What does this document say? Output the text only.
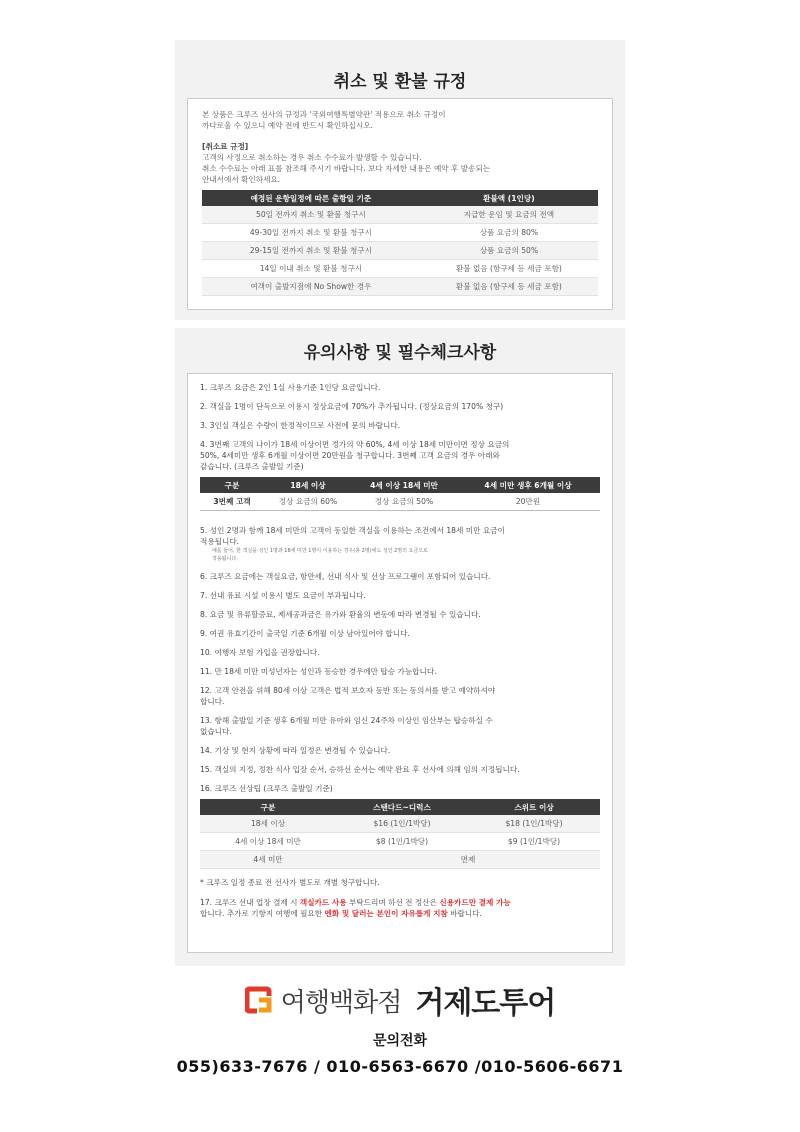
취소 및 환불 규정
본 상품은 크루즈 선사의 규정과 '국외여행특별약관' 적용으로 취소 규정이
까다로울 수 있으니 예약 전에 반드시 확인하십시오.
[취소료 규정]
고객의 사정으로 취소하는 경우 취소 수수료가 발생할 수 있습니다.
취소 수수료는 아래 표를 참조해 주시기 바랍니다. 보다 자세한 내용은 예약 후 발송되는
안내서에서 확인하세요.
예정된 운항일정에 따른 출항일 기준	환불액 (1인당)
50일 전까지 취소 및 환불 청구시	지급한 운임 및 요금의 전액
49-30일 전까지 취소 및 환불 청구시	상품 요금의 80%
29-15일 전까지 취소 및 환불 청구시	상품 요금의 50%
14일 이내 취소 및 환불 청구시	환불 없음 (항구세 등 세금 포함)
여객이 출발지점에 No Show한 경우	환불 없음 (항구세 등 세금 포함)
유의사항 및 필수체크사항
1. 크루즈 요금은 2인 1실 사용기준 1인당 요금입니다.
2. 객실을 1명이 단독으로 이용시 정상요금에 70%가 추가됩니다. (정상요금의 170% 청구)
3. 3인실 객실은 수량이 한정적이므로 사전에 문의 바랍니다.
4. 3번째 고객의 나이가 18세 이상이면 정가의 약 60%, 4세 이상 18세 미만이면 정상 요금의
50%, 4세미만 생후 6개월 이상이면 20만원을 청구합니다. 3번째 고객 요금의 경우 아래와
같습니다. (크루즈 출발일 기준)
구분	18세 이상	4세 이상 18세 미만	4세 미만 생후 6개월 이상
3번째 고객	정상 요금의 60%	정상 요금의 50%	20만원
5. 성인 2명과 함께 18세 미만의 고객이 동일한 객실을 이용하는 조건에서 18세 미만 요금이
적용됩니다.
예를 들어, 한 객실을 성인 1명과 18세 미만 1명이 이용하는 경우(총 2명)에도 성인 2명의 요금으로
적용됩니다.
6. 크루즈 요금에는 객실요금, 항만세, 선내 식사 및 선상 프로그램이 포함되어 있습니다.
7. 선내 유료 시설 이용시 별도 요금이 부과됩니다.
8. 요금 및 유류할증료, 제세공과금은 유가와 환율의 변동에 따라 변경될 수 있습니다.
9. 여권 유효기간이 출국일 기준 6개월 이상 남아있어야 합니다.
10. 여행자 보험 가입을 권장합니다.
11. 만 18세 미만 미성년자는 성인과 동승한 경우에만 탑승 가능합니다.
12. 고객 안전을 위해 80세 이상 고객은 법적 보호자 동반 또는 동의서를 받고 예약하셔야
합니다.
13. 항해 출발일 기준 생후 6개월 미만 유아와 임신 24주차 이상인 임산부는 탑승하실 수
없습니다.
14. 기상 및 현지 상황에 따라 일정은 변경될 수 있습니다.
15. 객실의 지정, 정찬 식사 입장 순서, 승하선 순서는 예약 완료 후 선사에 의해 임의 지정됩니다.
16. 크루즈 선상팁 (크루즈 출발일 기준)
구분	스탠다드~디럭스	스위트 이상
18세 이상	$16 (1인/1박당)	$18 (1인/1박당)
4세 이상 18세 미만	$8 (1인/1박당)	$9 (1인/1박당)
4세 미만	면제	
* 크루즈 일정 종료 전 선사가 별도로 개별 청구합니다.
17. 크루즈 선내 업장 결제 시 객실카드 사용 부탁드리며 하선 전 정산은 신용카드만 결제 가능
합니다. 추가로 기항지 여행에 필요한 엔화 및 달러는 본인이 자유롭게 지참 바랍니다.
여행백화점 거제도투어
문의전화
055)633-7676 / 010-6563-6670 /010-5606-6671
